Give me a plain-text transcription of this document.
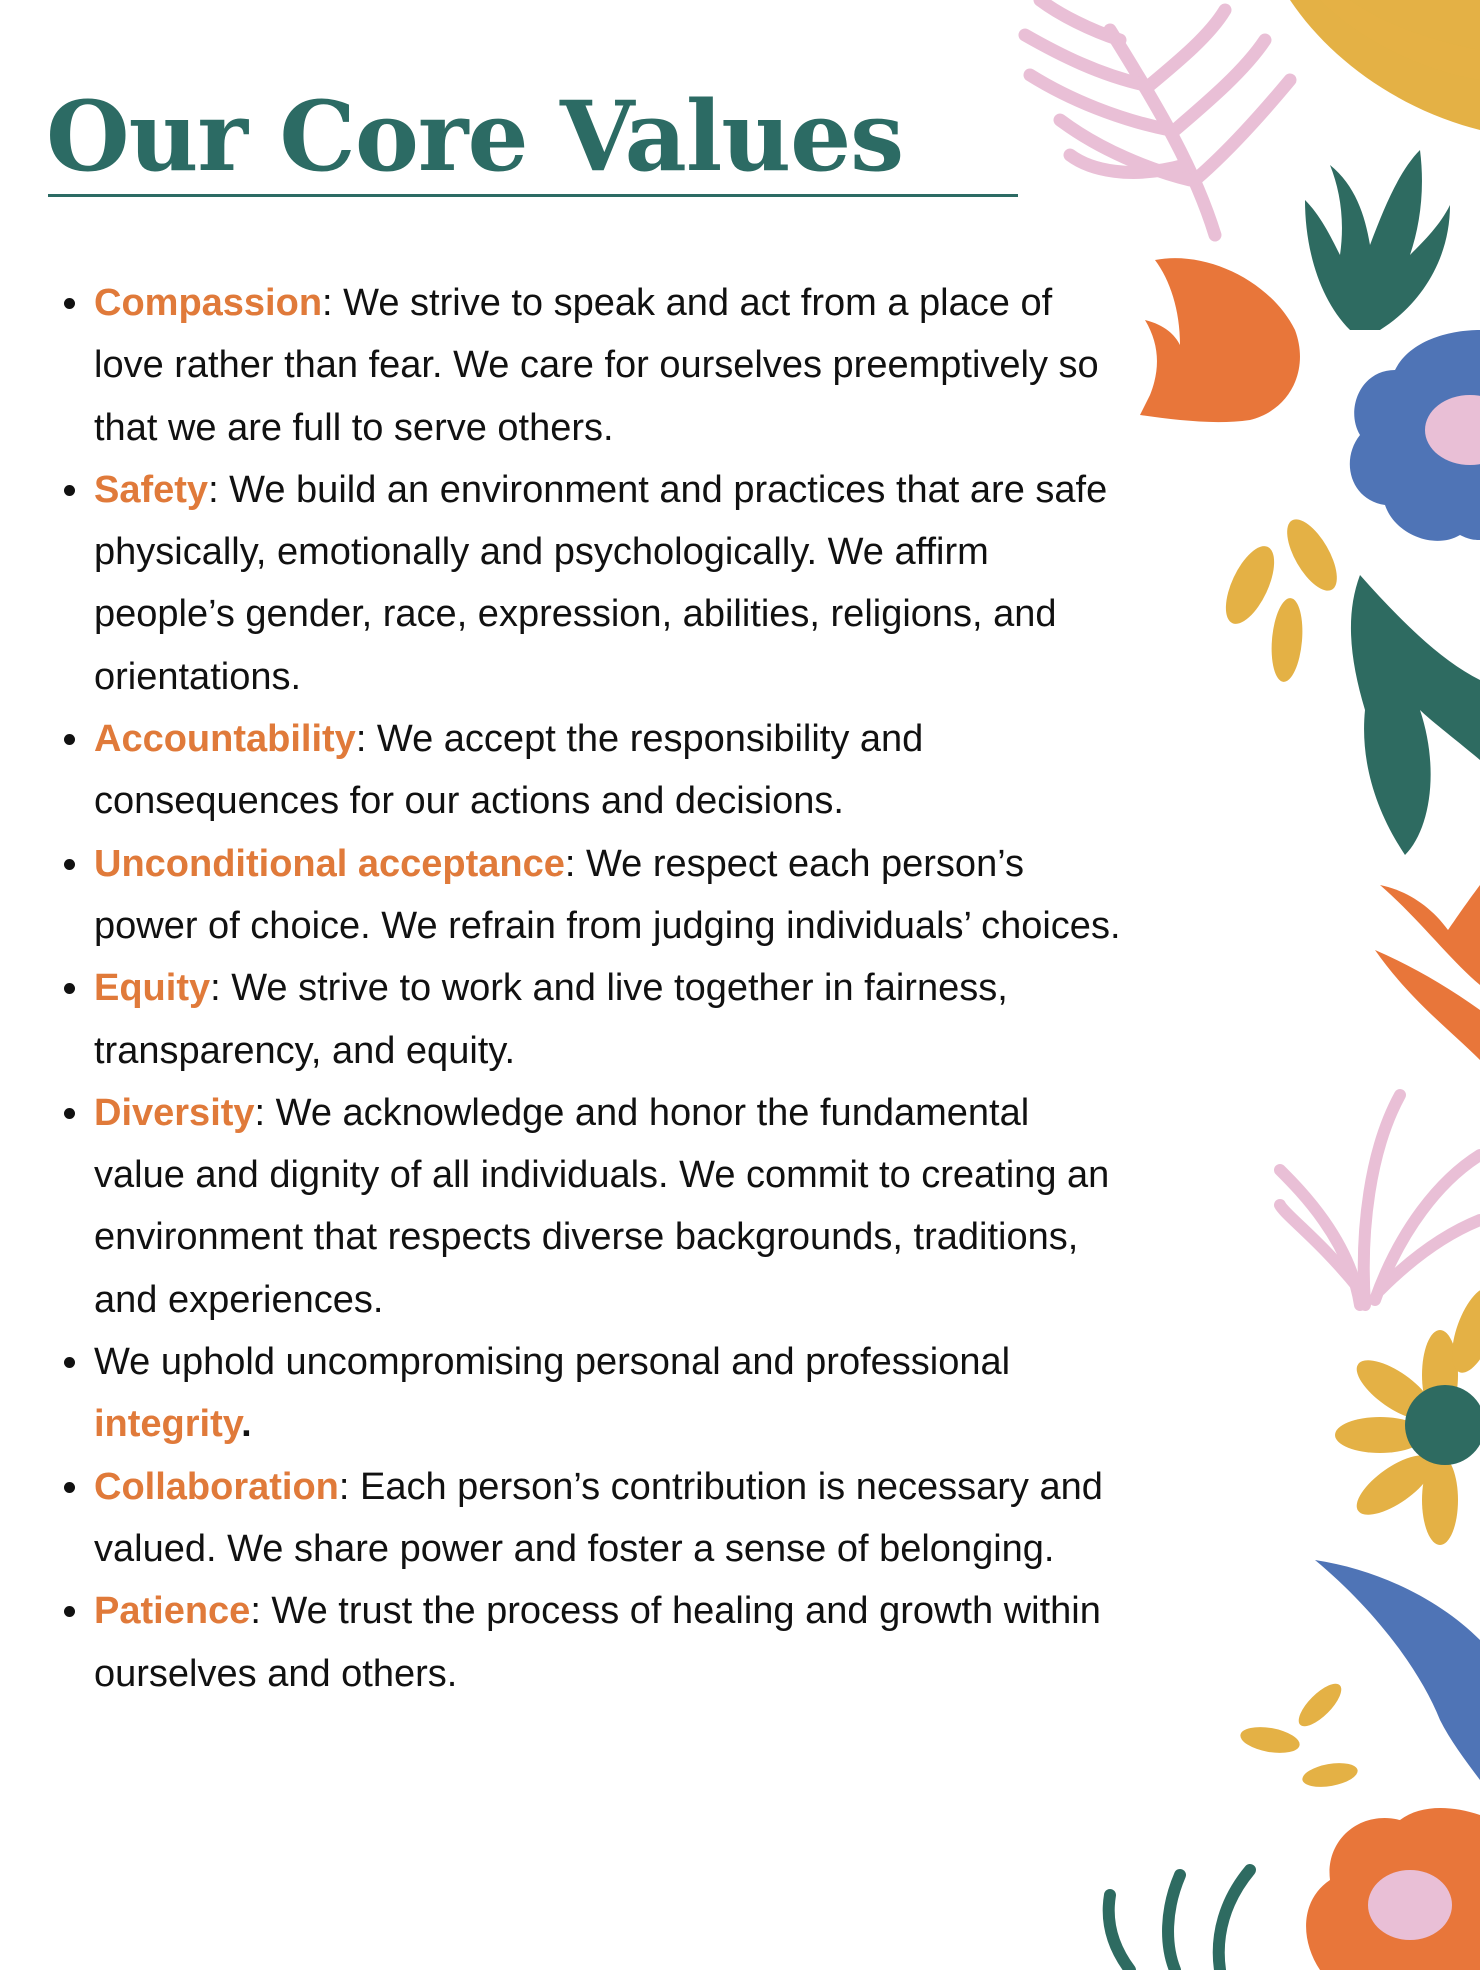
Our Core Values
Compassion: We strive to speak and act from a place of love rather than fear. We care for ourselves preemptively so that we are full to serve others.
Safety: We build an environment and practices that are safe physically, emotionally and psychologically. We affirm people’s gender, race, expression, abilities, religions, and orientations.
Accountability: We accept the responsibility and consequences for our actions and decisions.
Unconditional acceptance: We respect each person’s power of choice. We refrain from judging individuals’ choices.
Equity: We strive to work and live together in fairness, transparency, and equity.
Diversity: We acknowledge and honor the fundamental value and dignity of all individuals. We commit to creating an environment that respects diverse backgrounds, traditions, and experiences.
We uphold uncompromising personal and professional integrity.
Collaboration: Each person’s contribution is necessary and valued. We share power and foster a sense of belonging.
Patience: We trust the process of healing and growth within ourselves and others.
